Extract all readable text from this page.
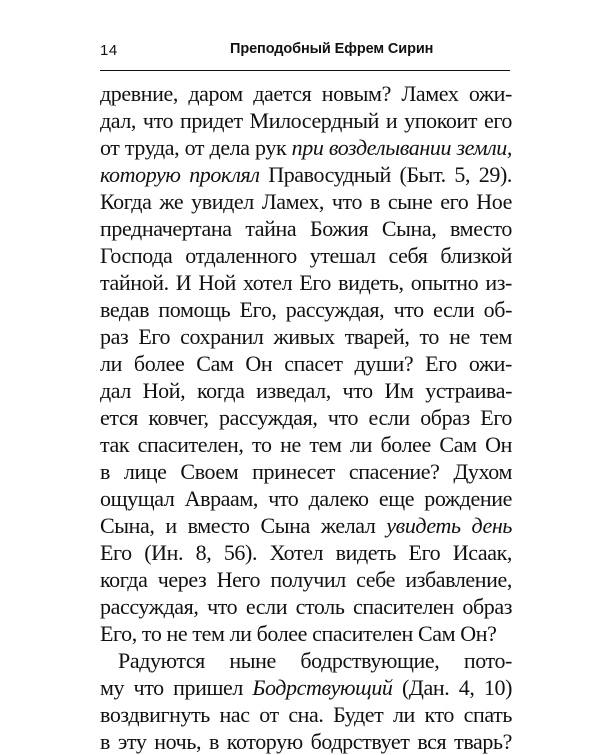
14	Преподобный Ефрем Сирин
древние, даром дается новым? Ламех ожи-
дал, что придет Милосердный и упокоит его
от труда, от дела рук при воздeлывании земли,
которую проклял Правосудный (Быт. 5, 29).
Когда же увидел Ламех, что в сыне его Ное
предначертана тайна Божия Сына, вместо
Господа отдаленного утешал себя близкой
тайной. И Ной хотел Его видеть, опытно из-
ведав помощь Его, рассуждая, что если об-
раз Его сохранил живых тварей, то не тем
ли более Сам Он спасет души? Его ожи-
дал Ной, когда изведал, что Им устраива-
ется ковчег, рассуждая, что если образ Его
так спасителен, то не тем ли более Сам Он
в лице Своем принесет спасение? Духом
ощущал Авраам, что далеко еще рождение
Сына, и вместо Сына желал увидеть день
Его (Ин. 8, 56). Хотел видеть Его Исаак,
когда через Него получил себе избавление,
рассуждая, что если столь спасителен образ
Его, то не тем ли более спасителен Сам Он?
Радуются ныне бодрствующие, пото-
му что пришел Бодрствующий (Дан. 4, 10)
воздвигнуть нас от сна. Будет ли кто спать
в эту ночь, в которую бодрствует вся тварь?
